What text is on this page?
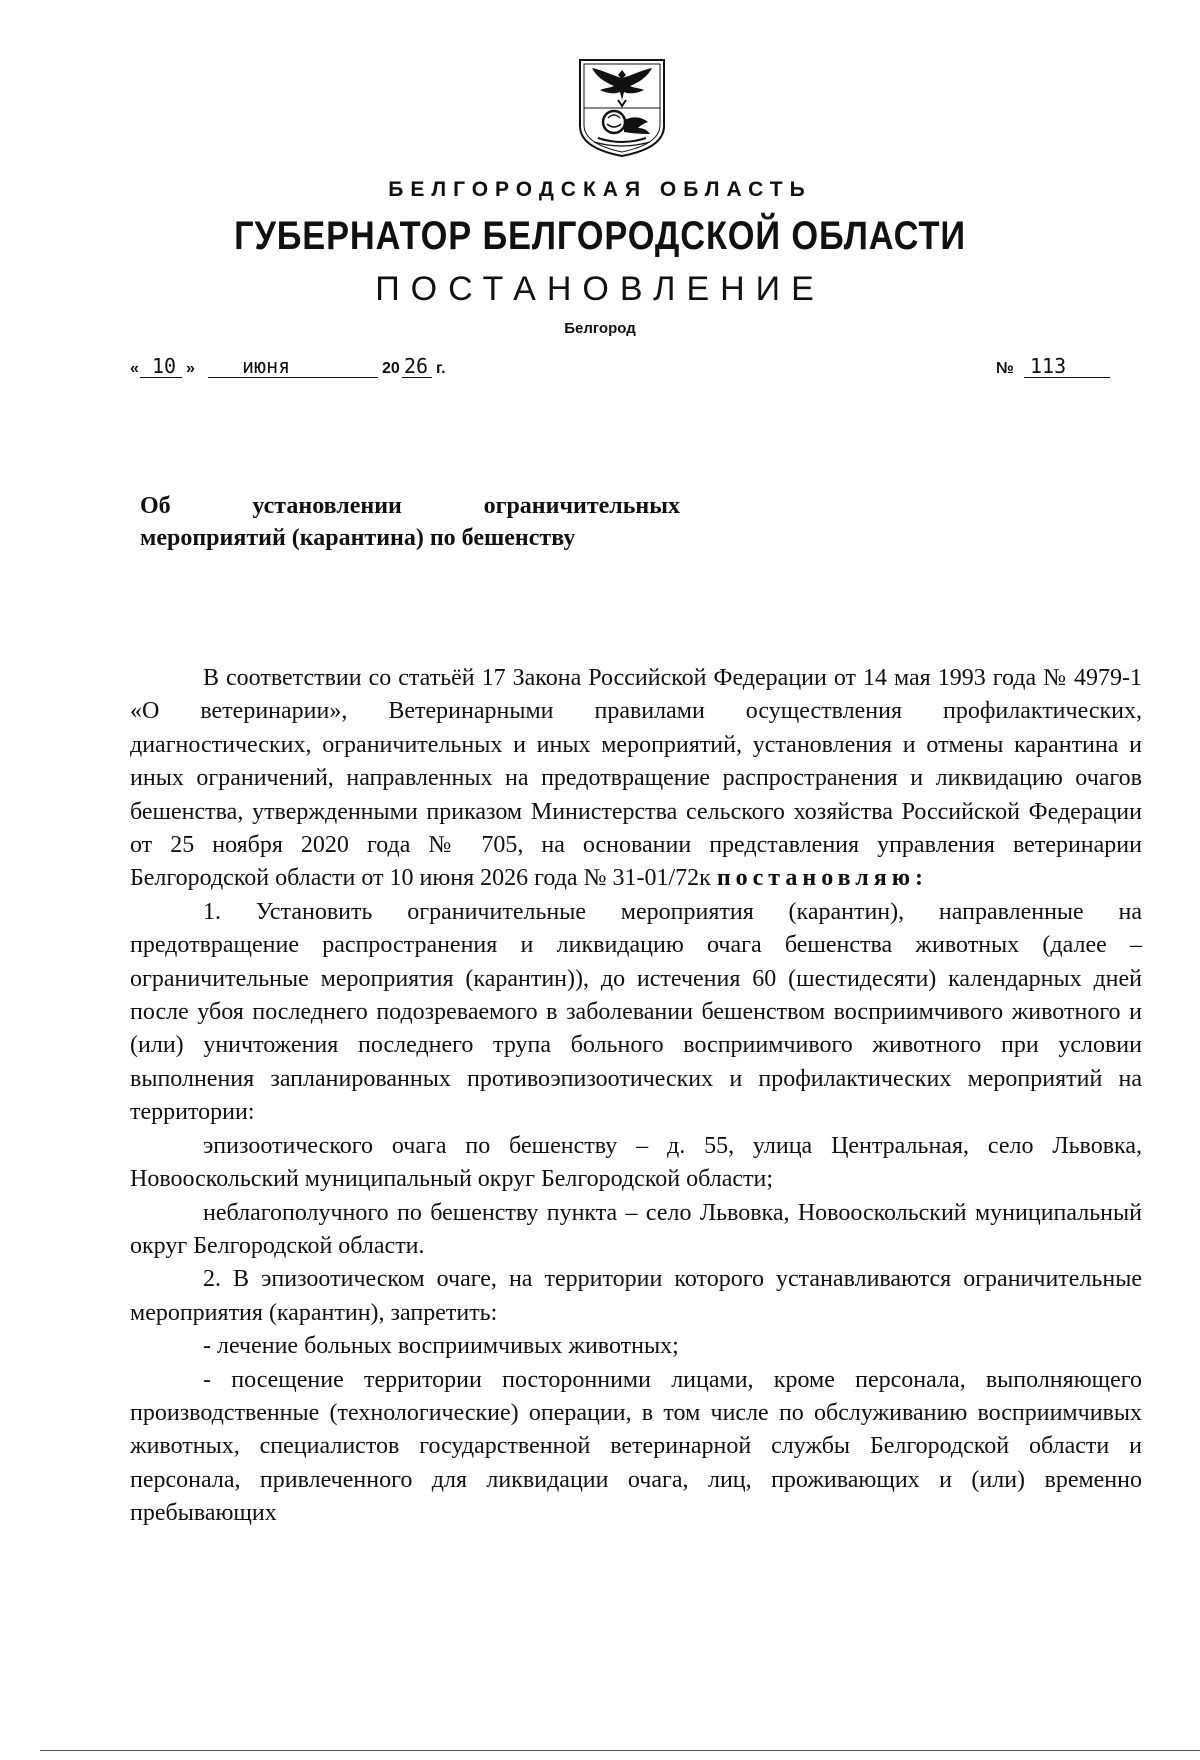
БЕЛГОРОДСКАЯ ОБЛАСТЬ
ГУБЕРНАТОР БЕЛГОРОДСКОЙ ОБЛАСТИ
ПОСТАНОВЛЕНИЕ
Белгород
« 10 » июня	20 26 г.	№ 113
Об установлении ограничительных
мероприятий (карантина) по бешенству

В соответствии со статьёй 17 Закона Российской Федерации от 14 мая 1993 года № 4979-1 «О ветеринарии», Ветеринарными правилами осуществления профилактических, диагностических, ограничительных и иных мероприятий, установления и отмены карантина и иных ограничений, направленных на предотвращение распространения и ликвидацию очагов бешенства, утвержденными приказом Министерства сельского хозяйства Российской Федерации от 25 ноября 2020 года № 705, на основании представления управления ветеринарии Белгородской области от 10 июня 2026 года № 31-01/72к постановляю:

1. Установить ограничительные мероприятия (карантин), направленные на предотвращение распространения и ликвидацию очага бешенства животных (далее – ограничительные мероприятия (карантин)), до истечения 60 (шестидесяти) календарных дней после убоя последнего подозреваемого в заболевании бешенством восприимчивого животного и (или) уничтожения последнего трупа больного восприимчивого животного при условии выполнения запланированных противоэпизоотических и профилактических мероприятий на территории:

эпизоотического очага по бешенству – д. 55, улица Центральная, село Львовка, Новооскольский муниципальный округ Белгородской области;

неблагополучного по бешенству пункта – село Львовка, Новооскольский муниципальный округ Белгородской области.

2. В эпизоотическом очаге, на территории которого устанавливаются ограничительные мероприятия (карантин), запретить:

- лечение больных восприимчивых животных;

- посещение территории посторонними лицами, кроме персонала, выполняющего производственные (технологические) операции, в том числе по обслуживанию восприимчивых животных, специалистов государственной ветеринарной службы Белгородской области и персонала, привлеченного для ликвидации очага, лиц, проживающих и (или) временно пребывающих
